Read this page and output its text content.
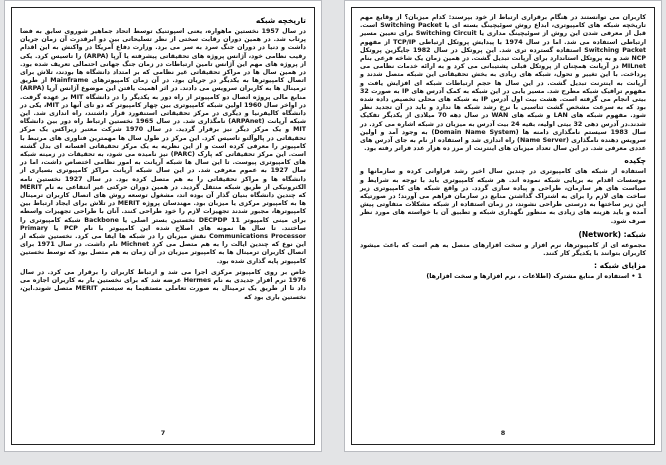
تاریخچه شبکه

در سال 1957 نخستین ماهواره، یعنی اسپوتنیک توسط اتحاد جماهیر شوروی سابق به فضا پرتاب شد. در همین دوران رقابت سختی از نظر تسلیحاتی بین دو ابرقدرت آن زمان جریان داشت و دنیا در دوران جنگ سرد به سر می برد. وزارت دفاع آمریکا در واکنش به این اقدام رقیب نظامی خود، آژانس پروژه های تحقیقاتی پیشرفته یا آرپا (ARPA) را تاسیس کرد. یکی از پروژه های مهم این آژانس تامین ارتباطات در زمان جنگ جهانی احتمالی تعریف شده بود. در همین سال ها در مراکز تحقیقاتی غیر نظامی که بر امتداد دانشگاه ها بودند، تلاش برای اتصال کامپیوترها به یکدیگر در جریان بود. در آن زمان کامپیوترهای Mainframe از طریق ترمینال ها به کاربران سرویس می دادند. در اثر اهمیت یافتن این موضوع آژانس آرپا (ARPA) منابع مالی پروژه اتصال دو کامپیوتر از راه دور به یکدیگر را در دانشگاه MIT بر عهده گرفت. در اواخر سال 1960 اولین شبکه کامپیوتری بین چهار کامپیوتر که دو تای آنها در MIT، یکی در دانشگاه کالیفرنیا و دیگری در مرکز تحقیقاتی استنفورد قرار داشتند، راه اندازی شد. این شبکه آرپانت (ARPAnet) نامگذاری شد. در سال 1965 نخستین ارتباط راه دور بین دانشگاه MIT و یک مرکز دیگر نیز برقرار گردید. در سال 1970 شرکت معتبر زیراکس یک مرکز تحقیقاتی در پالوآلتو تاسیس کرد. این مرکز در طول سال ها مهمترین فناوری های مرتبط با کامپیوتر را معرفی کرده است و از این نظریه به یک مرکز تحقیقاتی افسانه ای بدل گشته است. این مرکز تحقیقاتی که پارک (PARC) نیز نامیده می شود، به تحقیقات در زمینه شبکه های کامپیوتری پیوست. تا این سال ها شبکه آرپانت به امور نظامی اختصاص داشت، اما در سال 1927 به عموم معرفی شد. در این سال شبکه آرپانت مراکز کامپیوتری بسیاری از دانشگاه ها و مراکز تحقیقاتی را به هم متصل کرده بود. در سال 1927 نخستین نامه الکترونیکی از طریق شبکه منتقل گردید. در همین دوران حرکتی غیر انتفاعی به نام MERIT که چندین دانشگاه بنیان گذار آن بوده اند، مشغول توسعه روش های اتصال کاربران ترمینال ها به کامپیوتر مرکزی یا میزبان بود. مهندسان پروژه MERIT در تلاش برای ایجاد ارتباط بین کامپیوترها، مجبور شدند تجهیزات لازم را خود طراحی کنند. آنان با طراحی تجهیزات واسطه برای مینی کامپیوتر DECPDP 11 نخستین بستر اصلی یا Backbone شبکه کامپیوتری را ساختند. تا سال ها نمونه های اصلاح شده این کامپیوتر با نام PCP یا Primary Communications Processor نقش میزبان را در شبکه ها ایفا می کرد. نخستین شبکه از این نوع که چندین ایالت را به هم متصل می کرد Michnet نام داشت. در سال 1971 برای اتصال کاربران ترمینال ها به کامپیوتر میزبان در آن زمان به هم متصل بود که توسط نخستین کامپیوتر پایه گذاری شده بود.

خاص بر روی کامپیوتر مرکزی اجرا می شد و ارتباط کاربران را برقرار می کرد. در سال 1976 نرم افزار جدیدی به نام Hermes عرضه شد که برای نخستین بار به کاربران اجازه می داد تا از طریق یک ترمینال به صورت تعاملی مستقیما به سیستم MERIT متصل شوند.این، نخستین باری بود که

7

کاربران می توانستند در هنگام برقراری ارتباط از خود بپرسند: کدام میزبان؟ از وقایع مهم تاریخچه شبکه های کامپیوتری، ابداع روش سوئیچینگ بسته ای یا Switching Packet است. قبل از معرفی شدن این روش از سوئیچینگ مداری یا Switching Circuit برای تعیین مسیر ارتباطی استفاده می شد. اما در سال 1974 با پیدایش پروتکل ارتباطی TCP/IP از مفهوم Switching Packet استفاده گسترده تری شد. این پروتکل در سال 1982 جایگزین پروتکل NCP شد و به پروتکل استاندارد برای آرپانت تبدیل گشت. در همین زمان یک شاخه فرعی بنام MILnet در آرپانت همچنان از پروتکل قبلی پشتیبانی می کرد و به ارائه خدمات نظامی می پرداخت. با این تغییر و تحول، شبکه های زیادی به بخش تحقیقاتی این شبکه متصل شدند و آرپانت به اینترنت تبدیل گشت. در این سال ها حجم ارتباطات شبکه ای افزایش یافت و مفهوم ترافیک شبکه مطرح شد. مسیر یابی در این شبکه به کمک آدرس های IP به صورت 32 بیتی انجام می گرفته است. هشت بیت اول آدرس IP به شبکه های محلی تخصیص داده شده بود که به سرعت مشخص گشت تناسبی با نرخ رشد شبکه ها ندارد و باید در آن تجدید نظر شود. مفهوم شبکه های LAN و شبکه های WAN در سال دهه 70 میلادی از یکدیگر تفکیک شدند.در آدرس دهی 32 بیتی اولیه، بقیه 24 بیت آدرس به میزبان در شبکه اشاره می کرد. در سال 1983 سیستم نامگذاری دامنه ها (Domain Name System) به وجود آمد و اولین سرویس دهنده نامگذاری (Name Server) راه اندازی شد و استفاده از نام به جای آدرس های عددی معرفی شد. در این سال تعداد میزبان های اینترنت از مرز ده هزار عدد فراتر رفته بود.

چکیده

استفاده از شبکه های کامپیوتری در چندین سال اخیر رشد فراوانی کرده و سازمانها و موسسات اقدام به برپایی شبکه نموده اند. هر شبکه کامپیوتری باید با توجه به شرایط و سیاست های هر سازمان، طراحی و پیاده سازی گردد. در واقع شبکه های کامپیوتری زیر ساخت های لازم را برای به اشتراک گذاشتن منابع در سازمان فراهم می آورند؛ در صورتیکه این زیر ساختها به درستی طراحی نشوند، در زمان استفاده از شبکه مشکلات متفاوتی پیش آمده و باید هزینه های زیادی به منظور نگهداری شبکه و تطبیق آن با خواسته های مورد نظر صرف شود.

شبکه: (Network)

مجموعه ای از کامپیوترها، نرم افزار و سخت افزارهای متصل به هم است که باعث میشود کاربران بتوانند با یکدیگر کار کنند.

مزایای شبکه :
1 • استفاده از منابع مشترک (اطلاعات ، نرم افزارها و سخت افزارها)
8
